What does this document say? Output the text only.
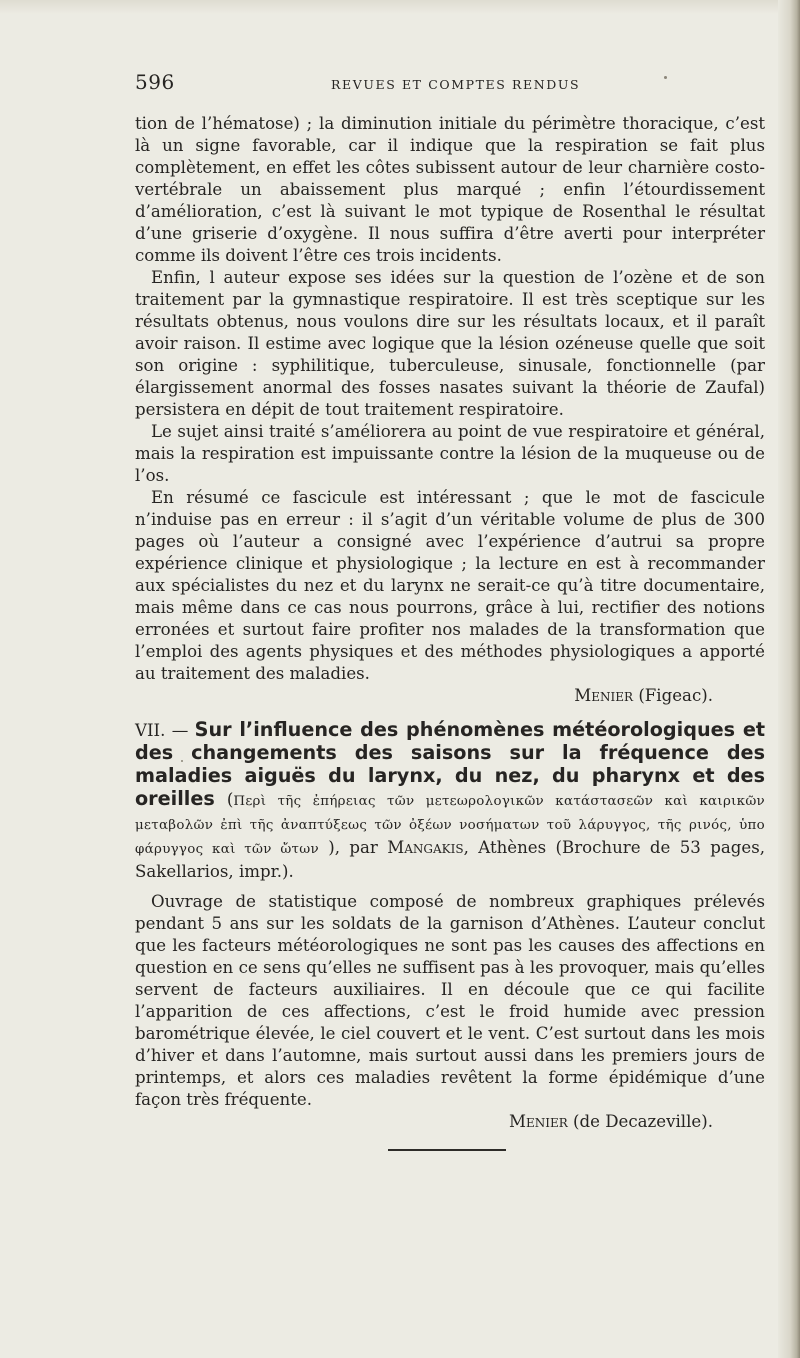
596	REVUES ET COMPTES RENDUS

tion de l’hématose) ; la diminution initiale du périmètre thoracique, c’est là un signe favorable, car il indique que la respiration se fait plus complètement, en effet les côtes subissent autour de leur charnière costo-vertébrale un abaissement plus marqué ; enfin l’étourdissement d’amélioration, c’est là suivant le mot typique de Rosenthal le résultat d’une griserie d’oxygène. Il nous suffira d’être averti pour interpréter comme ils doivent l’être ces trois incidents.

Enfin, l auteur expose ses idées sur la question de l’ozène et de son traitement par la gymnastique respiratoire. Il est très sceptique sur les résultats obtenus, nous voulons dire sur les résultats locaux, et il paraît avoir raison. Il estime avec logique que la lésion ozéneuse quelle que soit son origine : syphilitique, tuberculeuse, sinusale, fonctionnelle (par élargissement anormal des fosses nasates suivant la théorie de Zaufal) persistera en dépit de tout traitement respiratoire.

Le sujet ainsi traité s’améliorera au point de vue respiratoire et général, mais la respiration est impuissante contre la lésion de la muqueuse ou de l’os.

En résumé ce fascicule est intéressant ; que le mot de fascicule n’induise pas en erreur : il s’agit d’un véritable volume de plus de 300 pages où l’auteur a consigné avec l’expérience d’autrui sa propre expérience clinique et physiologique ; la lecture en est à recommander aux spécialistes du nez et du larynx ne serait-ce qu’à titre documentaire, mais même dans ce cas nous pourrons, grâce à lui, rectifier des notions erronées et surtout faire profiter nos malades de la transformation que l’emploi des agents physiques et des méthodes physiologiques a apporté au traitement des maladies.

Menier (Figeac).

VII. — Sur l’influence des phénomènes météorologiques et des changements des saisons sur la fréquence des maladies aiguës du larynx, du nez, du pharynx et des oreilles (Περὶ τῆς ἐπήρειας τῶν μετεωρολογικῶν κατάστασεῶν καὶ καιρικῶν μεταβολῶν ἐπὶ τῆς ἀναπτύξεως τῶν ὀξέων νοσήματων τοῦ λάρυγγος, τῆς ρινός, ὑπο φάρυγγος καὶ τῶν ὤτων ), par Mangakis, Athènes (Brochure de 53 pages, Sakellarios, impr.).

Ouvrage de statistique composé de nombreux graphiques prélevés pendant 5 ans sur les soldats de la garnison d’Athènes. L’auteur conclut que les facteurs météorologiques ne sont pas les causes des affections en question en ce sens qu’elles ne suffisent pas à les provoquer, mais qu’elles servent de facteurs auxiliaires. Il en découle que ce qui facilite l’apparition de ces affections, c’est le froid humide avec pression barométrique élevée, le ciel couvert et le vent. C’est surtout dans les mois d’hiver et dans l’automne, mais surtout aussi dans les premiers jours de printemps, et alors ces maladies revêtent la forme épidémique d’une façon très fréquente.

Menier (de Decazeville).
